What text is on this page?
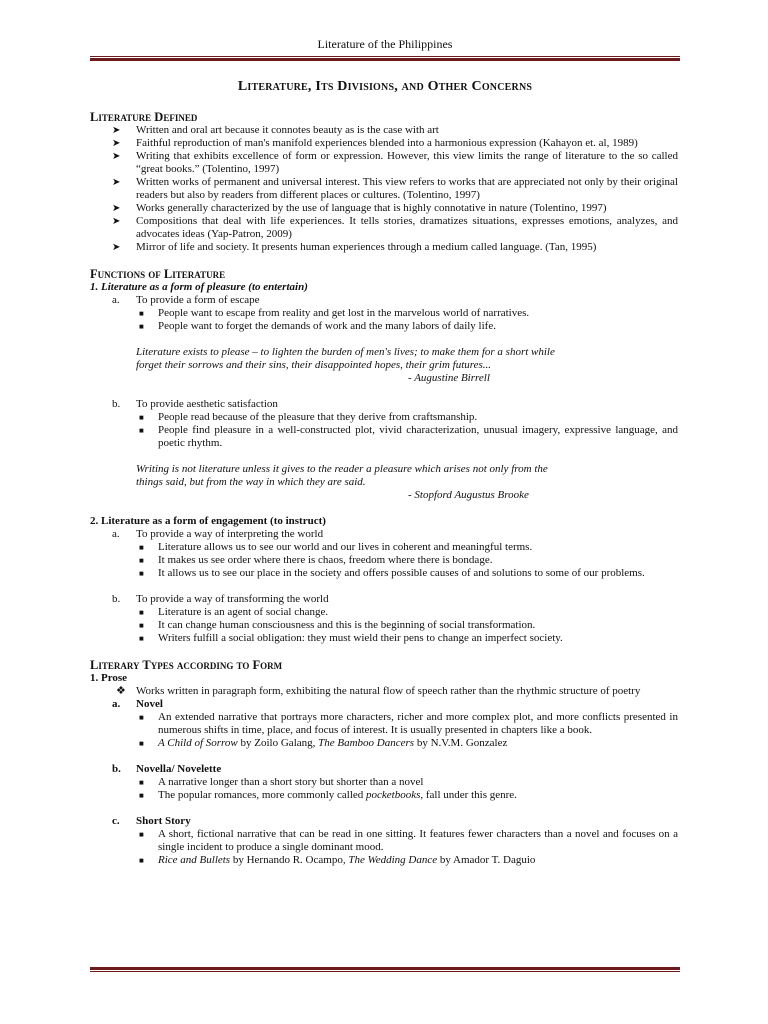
Literature of the Philippines
Literature, Its Divisions, and Other Concerns
Literature Defined
➤ Written and oral art because it connotes beauty as is the case with art
➤ Faithful reproduction of man's manifold experiences blended into a harmonious expression (Kahayon et. al, 1989)
➤ Writing that exhibits excellence of form or expression. However, this view limits the range of literature to the so called “great books.” (Tolentino, 1997)
➤ Written works of permanent and universal interest. This view refers to works that are appreciated not only by their original readers but also by readers from different places or cultures. (Tolentino, 1997)
➤ Works generally characterized by the use of language that is highly connotative in nature (Tolentino, 1997)
➤ Compositions that deal with life experiences. It tells stories, dramatizes situations, expresses emotions, analyzes, and advocates ideas (Yap-Patron, 2009)
➤ Mirror of life and society. It presents human experiences through a medium called language. (Tan, 1995)
Functions of Literature
1. Literature as a form of pleasure (to entertain)
a. To provide a form of escape
■ People want to escape from reality and get lost in the marvelous world of narratives.
■ People want to forget the demands of work and the many labors of daily life.
Literature exists to please – to lighten the burden of men's lives; to make them for a short while
forget their sorrows and their sins, their disappointed hopes, their grim futures...
- Augustine Birrell
b. To provide aesthetic satisfaction
■ People read because of the pleasure that they derive from craftsmanship.
■ People find pleasure in a well-constructed plot, vivid characterization, unusual imagery, expressive language, and poetic rhythm.
Writing is not literature unless it gives to the reader a pleasure which arises not only from the
things said, but from the way in which they are said.
- Stopford Augustus Brooke
2. Literature as a form of engagement (to instruct)
a. To provide a way of interpreting the world
■ Literature allows us to see our world and our lives in coherent and meaningful terms.
■ It makes us see order where there is chaos, freedom where there is bondage.
■ It allows us to see our place in the society and offers possible causes of and solutions to some of our problems.
b. To provide a way of transforming the world
■ Literature is an agent of social change.
■ It can change human consciousness and this is the beginning of social transformation.
■ Writers fulfill a social obligation: they must wield their pens to change an imperfect society.
Literary Types according to Form
1. Prose
❖ Works written in paragraph form, exhibiting the natural flow of speech rather than the rhythmic structure of poetry
a. Novel
■ An extended narrative that portrays more characters, richer and more complex plot, and more conflicts presented in numerous shifts in time, place, and focus of interest. It is usually presented in chapters like a book.
■ A Child of Sorrow by Zoilo Galang, The Bamboo Dancers by N.V.M. Gonzalez
b. Novella/ Novelette
■ A narrative longer than a short story but shorter than a novel
■ The popular romances, more commonly called pocketbooks, fall under this genre.
c. Short Story
■ A short, fictional narrative that can be read in one sitting. It features fewer characters than a novel and focuses on a single incident to produce a single dominant mood.
■ Rice and Bullets by Hernando R. Ocampo, The Wedding Dance by Amador T. Daguio
